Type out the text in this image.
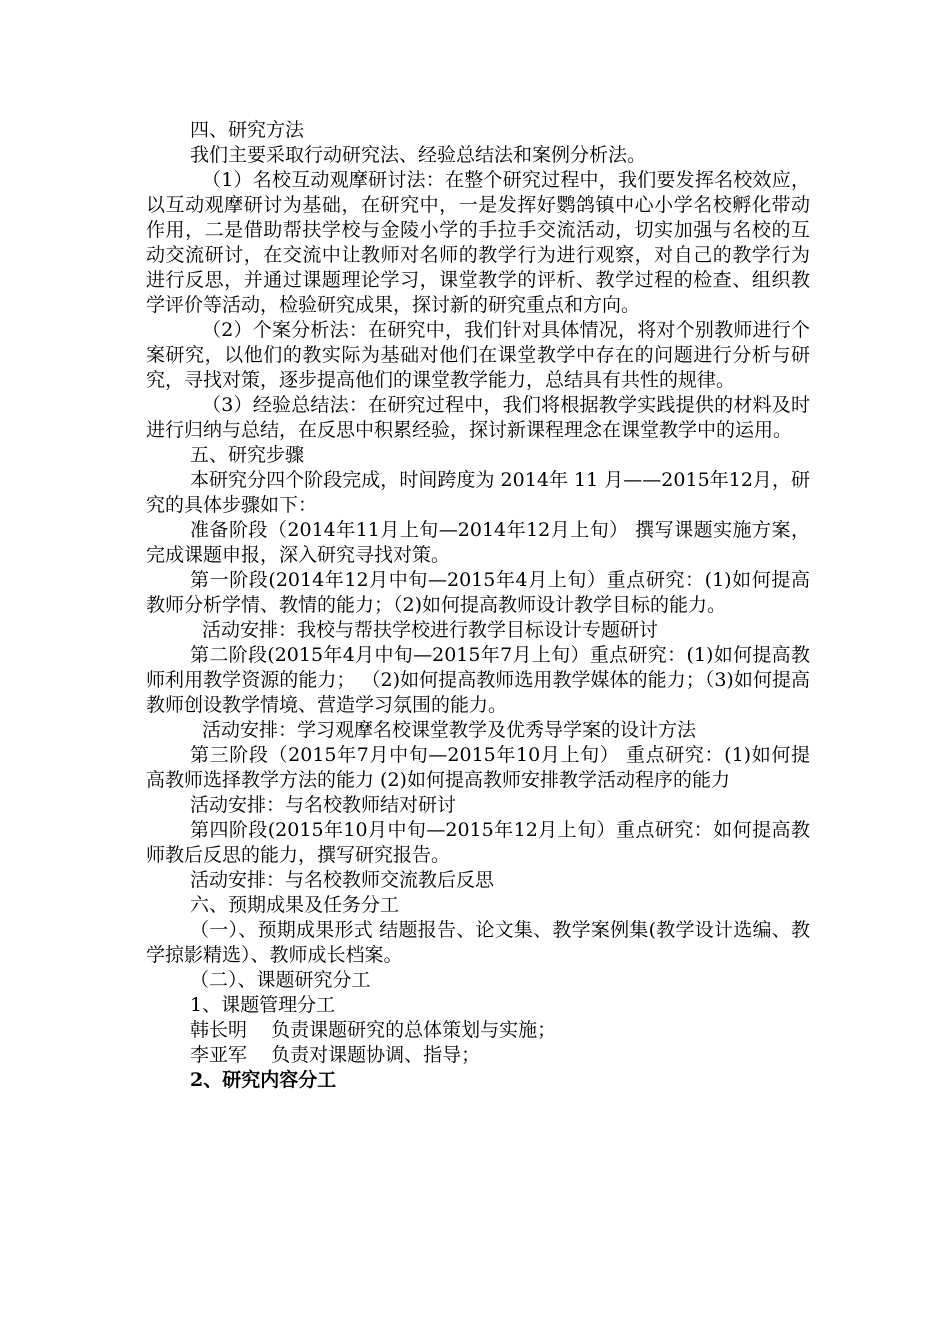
四、研究方法

我们主要采取行动研究法、经验总结法和案例分析法。

（1）名校互动观摩研讨法：在整个研究过程中，我们要发挥名校效应，以互动观摩研讨为基础，在研究中，一是发挥好鹦鸽镇中心小学名校孵化带动作用，二是借助帮扶学校与金陵小学的手拉手交流活动，切实加强与名校的互动交流研讨，在交流中让教师对名师的教学行为进行观察，对自己的教学行为进行反思，并通过课题理论学习，课堂教学的评析、教学过程的检查、组织教学评价等活动，检验研究成果，探讨新的研究重点和方向。

（2）个案分析法：在研究中，我们针对具体情况，将对个别教师进行个案研究，以他们的教实际为基础对他们在课堂教学中存在的问题进行分析与研究，寻找对策，逐步提高他们的课堂教学能力，总结具有共性的规律。

（3）经验总结法：在研究过程中，我们将根据教学实践提供的材料及时进行归纳与总结，在反思中积累经验，探讨新课程理念在课堂教学中的运用。

五、研究步骤

本研究分四个阶段完成，时间跨度为 2014年 11 月——2015年12月，研究的具体步骤如下：

准备阶段（2014年11月上旬—2014年12月上旬） 撰写课题实施方案，完成课题申报，深入研究寻找对策。

第一阶段(2014年12月中旬—2015年4月上旬）重点研究：(1)如何提高教师分析学情、教情的能力；（2)如何提高教师设计教学目标的能力。

活动安排：我校与帮扶学校进行教学目标设计专题研讨

第二阶段(2015年4月中旬—2015年7月上旬）重点研究：(1)如何提高教师利用教学资源的能力； （2)如何提高教师选用教学媒体的能力；（3)如何提高教师创设教学情境、营造学习氛围的能力。

活动安排：学习观摩名校课堂教学及优秀导学案的设计方法

第三阶段（2015年7月中旬—2015年10月上旬） 重点研究：(1)如何提高教师选择教学方法的能力 (2)如何提高教师安排教学活动程序的能力

活动安排：与名校教师结对研讨

第四阶段(2015年10月中旬—2015年12月上旬）重点研究：如何提高教师教后反思的能力，撰写研究报告。

活动安排：与名校教师交流教后反思

六、预期成果及任务分工

（一）、预期成果形式 结题报告、论文集、教学案例集(教学设计选编、教学掠影精选）、教师成长档案。

（二）、课题研究分工

1、课题管理分工

韩长明    负责课题研究的总体策划与实施；

李亚军    负责对课题协调、指导；

2、研究内容分工
